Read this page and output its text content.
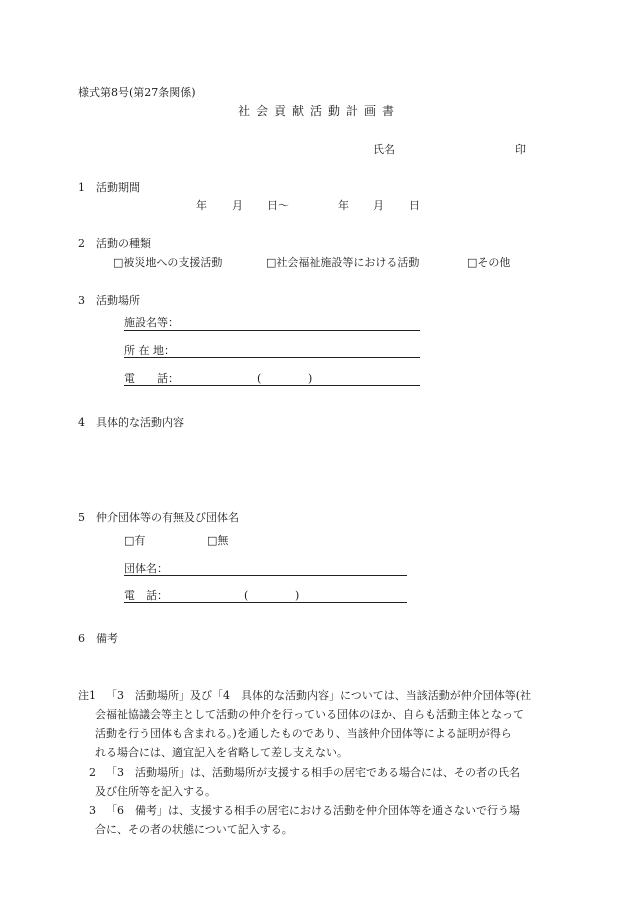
様式第8号(第27条関係)
社会貢献活動計画書
氏名	印
1　活動期間
年 月 日〜	年 月 日
2　活動の種類
□被災地への支援活動	□社会福祉施設等における活動	□その他
3　活動場所
施設名等：
所 在 地：
電　　話：	(	)
4　具体的な活動内容
5　仲介団体等の有無及び団体名
□有	□無
団体名：
電　話：	(	)
6　備考
注1 「3　活動場所」及び「4　具体的な活動内容」については、当該活動が仲介団体等(社
会福祉協議会等主として活動の仲介を行っている団体のほか、自らも活動主体となって
活動を行う団体も含まれる。)を通したものであり、当該仲介団体等による証明が得ら
れる場合には、適宜記入を省略して差し支えない。
2 「3　活動場所」は、活動場所が支援する相手の居宅である場合には、その者の氏名
及び住所等を記入する。
3 「6　備考」は、支援する相手の居宅における活動を仲介団体等を通さないで行う場
合に、その者の状態について記入する。
